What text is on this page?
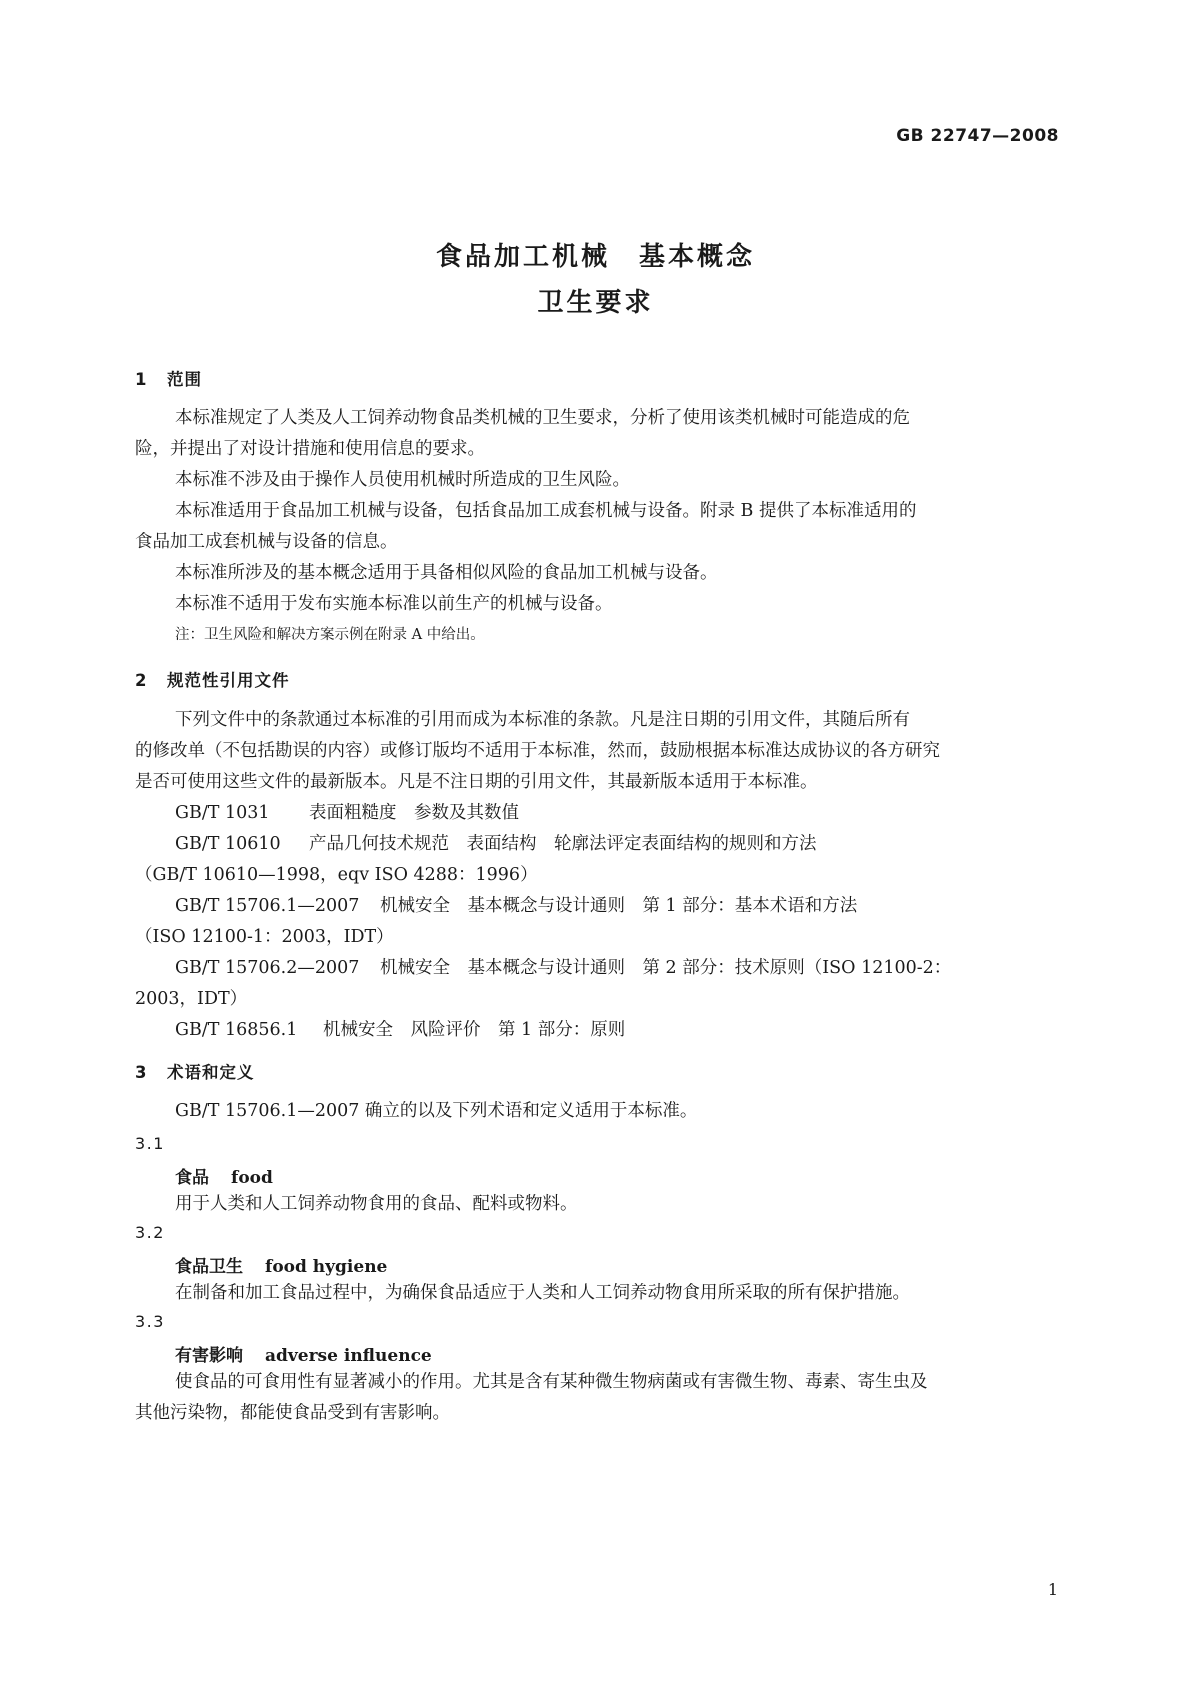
GB 22747—2008
食品加工机械　基本概念
卫生要求
1 范围
本标准规定了人类及人工饲养动物食品类机械的卫生要求，分析了使用该类机械时可能造成的危
险，并提出了对设计措施和使用信息的要求。
本标准不涉及由于操作人员使用机械时所造成的卫生风险。
本标准适用于食品加工机械与设备，包括食品加工成套机械与设备。附录 B 提供了本标准适用的
食品加工成套机械与设备的信息。
本标准所涉及的基本概念适用于具备相似风险的食品加工机械与设备。
本标准不适用于发布实施本标准以前生产的机械与设备。
注：卫生风险和解决方案示例在附录 A 中给出。
2 规范性引用文件
下列文件中的条款通过本标准的引用而成为本标准的条款。凡是注日期的引用文件，其随后所有
的修改单（不包括勘误的内容）或修订版均不适用于本标准，然而，鼓励根据本标准达成协议的各方研究
是否可使用这些文件的最新版本。凡是不注日期的引用文件，其最新版本适用于本标准。
GB/T 1031 表面粗糙度　参数及其数值
GB/T 10610 产品几何技术规范　表面结构　轮廓法评定表面结构的规则和方法
（GB/T 10610—1998，eqv ISO 4288：1996）
GB/T 15706.1—2007 机械安全　基本概念与设计通则　第 1 部分：基本术语和方法
（ISO 12100-1：2003，IDT）
GB/T 15706.2—2007 机械安全　基本概念与设计通则　第 2 部分：技术原则（ISO 12100-2：
2003，IDT）
GB/T 16856.1 机械安全　风险评价　第 1 部分：原则
3 术语和定义
GB/T 15706.1—2007 确立的以及下列术语和定义适用于本标准。
3.1
食品 food
用于人类和人工饲养动物食用的食品、配料或物料。
3.2
食品卫生 food hygiene
在制备和加工食品过程中，为确保食品适应于人类和人工饲养动物食用所采取的所有保护措施。
3.3
有害影响 adverse influence
使食品的可食用性有显著减小的作用。尤其是含有某种微生物病菌或有害微生物、毒素、寄生虫及
其他污染物，都能使食品受到有害影响。
1
